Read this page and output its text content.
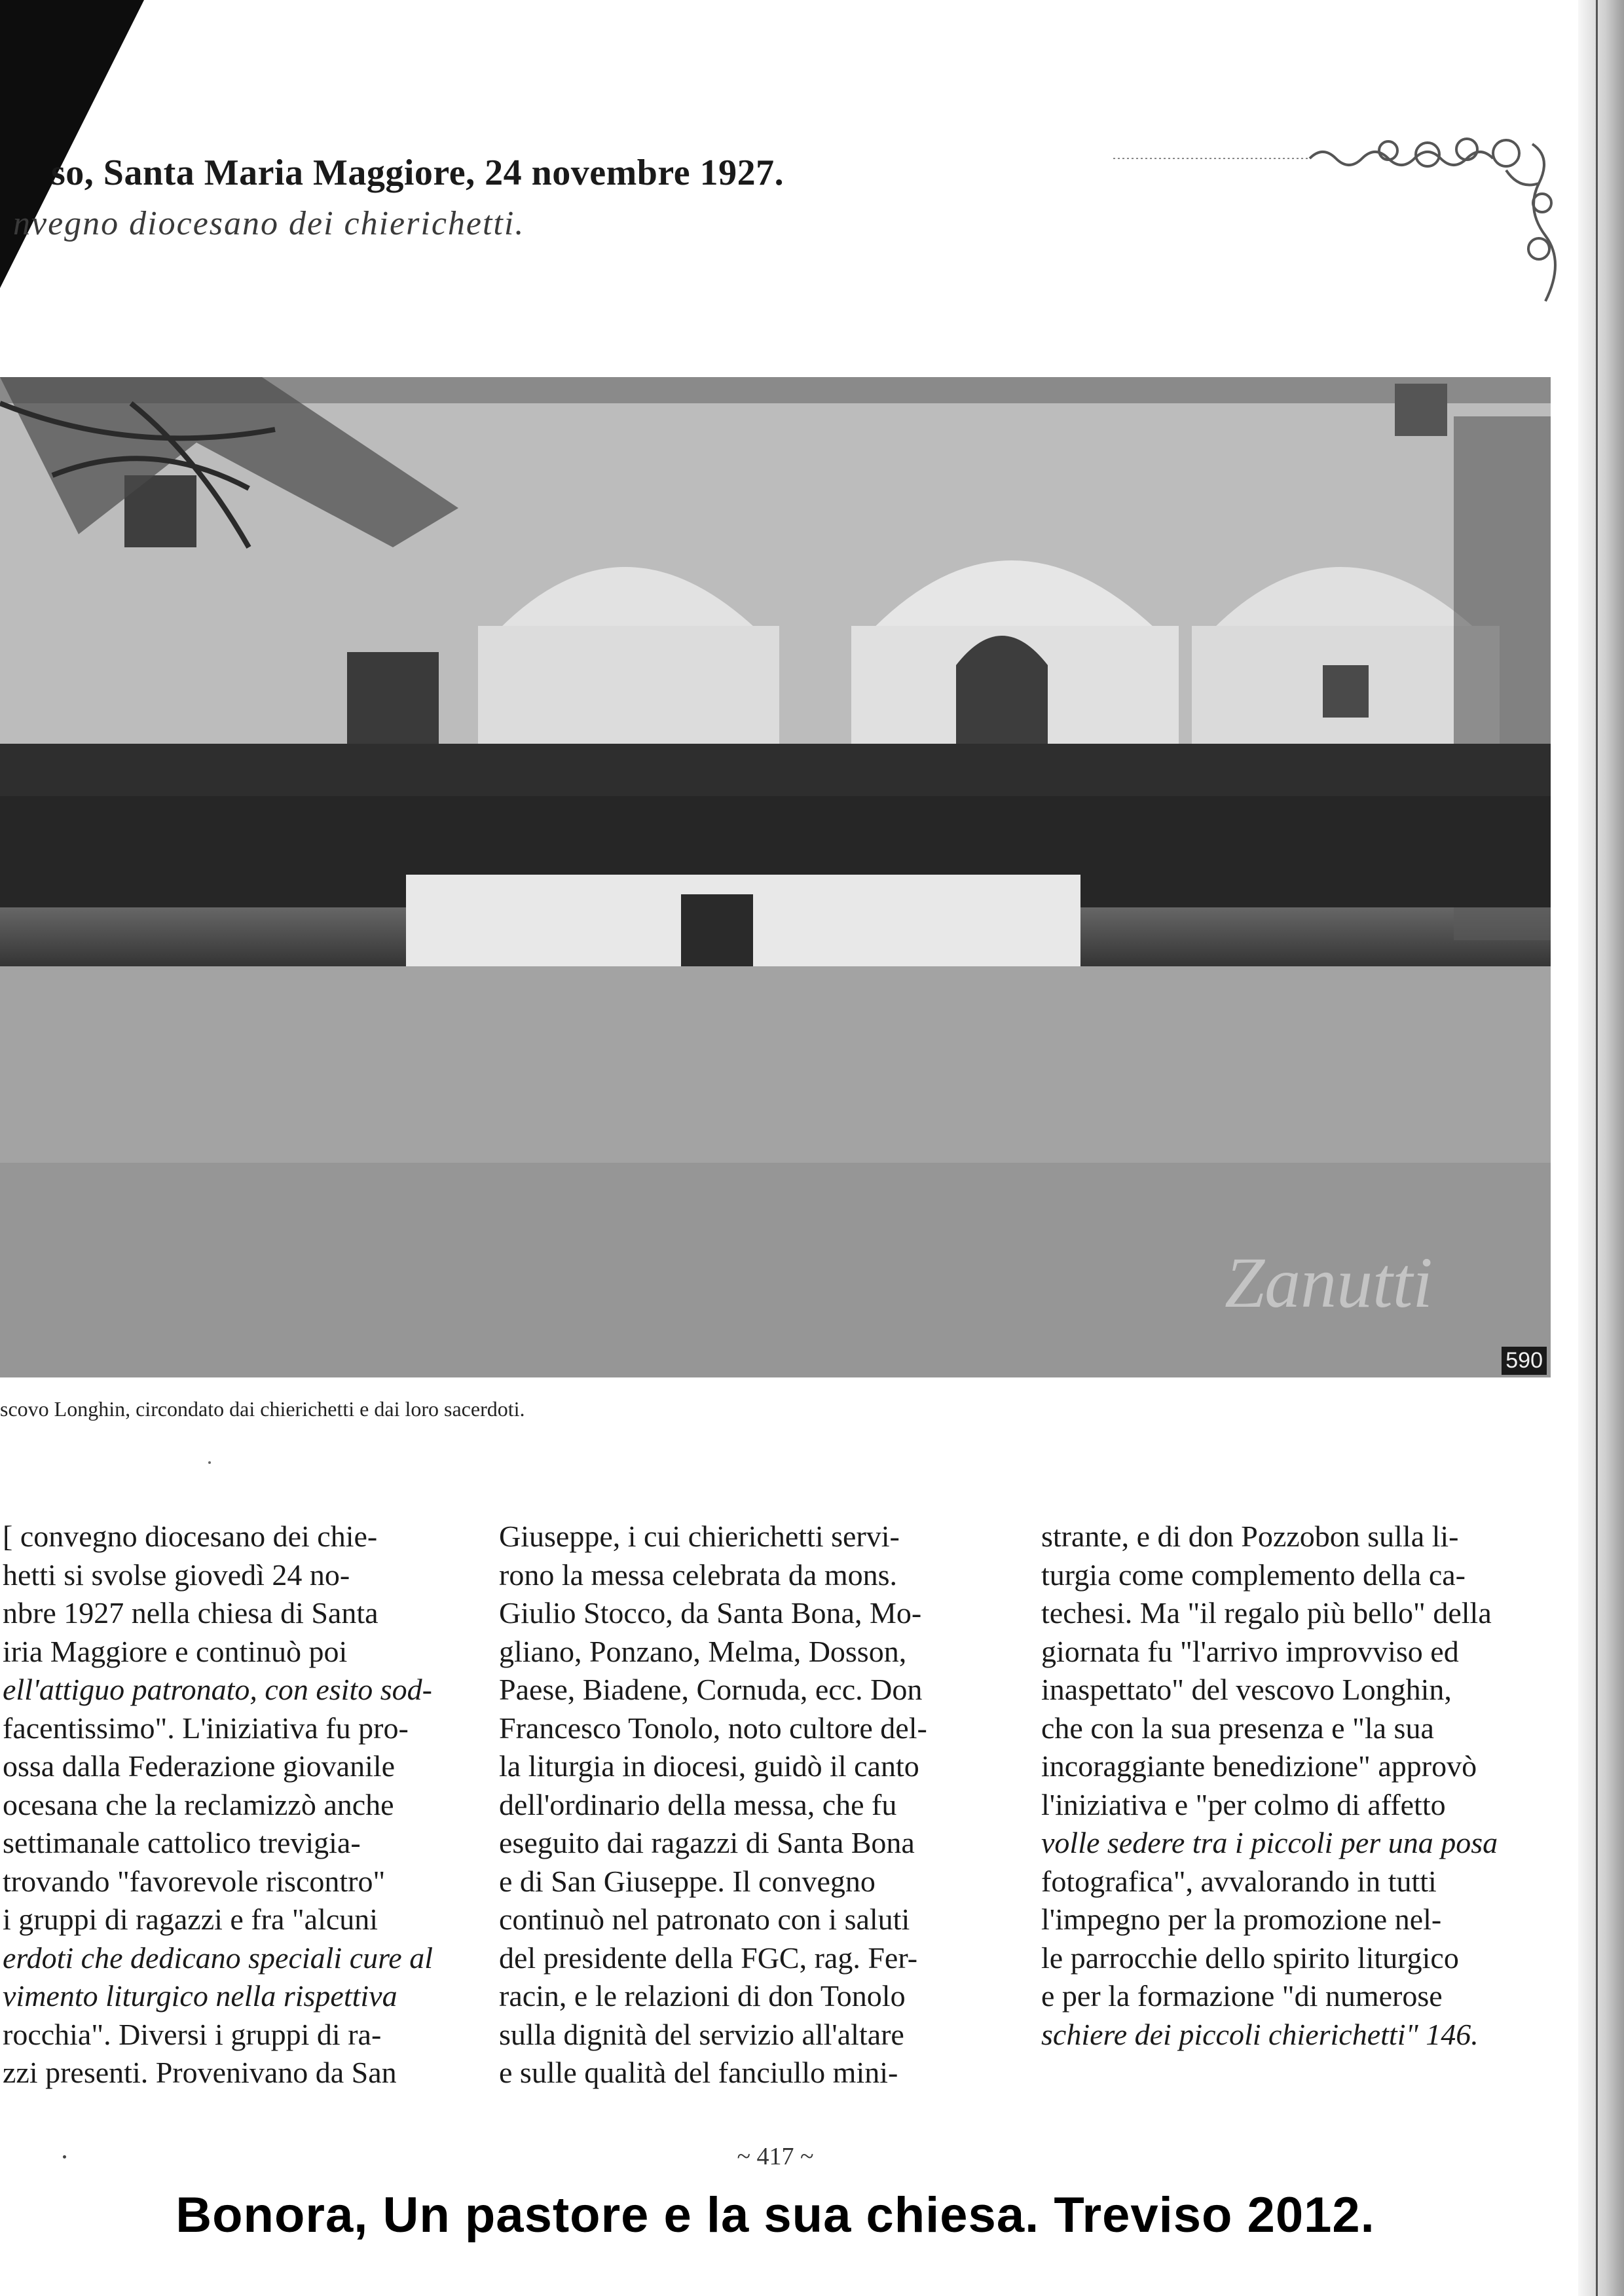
so, Santa Maria Maggiore, 24 novembre 1927.
nvegno diocesano dei chierichetti.
Zanutti
590
scovo Longhin, circondato dai chierichetti e dai loro sacerdoti.
[ convegno diocesano dei chie-
hetti si svolse giovedì 24 no-
nbre 1927 nella chiesa di Santa
iria Maggiore e continuò poi
ell'attiguo patronato, con esito sod-
facentissimo". L'iniziativa fu pro-
ossa dalla Federazione giovanile
ocesana che la reclamizzò anche
settimanale cattolico trevigia-
trovando "favorevole riscontro"
i gruppi di ragazzi e fra "alcuni
erdoti che dedicano speciali cure al
vimento liturgico nella rispettiva
rocchia". Diversi i gruppi di ra-
zzi presenti. Provenivano da San
Giuseppe, i cui chierichetti servi-
rono la messa celebrata da mons.
Giulio Stocco, da Santa Bona, Mo-
gliano, Ponzano, Melma, Dosson,
Paese, Biadene, Cornuda, ecc. Don
Francesco Tonolo, noto cultore del-
la liturgia in diocesi, guidò il canto
dell'ordinario della messa, che fu
eseguito dai ragazzi di Santa Bona
e di San Giuseppe. Il convegno
continuò nel patronato con i saluti
del presidente della FGC, rag. Fer-
racin, e le relazioni di don Tonolo
sulla dignità del servizio all'altare
e sulle qualità del fanciullo mini-
strante, e di don Pozzobon sulla li-
turgia come complemento della ca-
techesi. Ma "il regalo più bello" della
giornata fu "l'arrivo improvviso ed
inaspettato" del vescovo Longhin,
che con la sua presenza e "la sua
incoraggiante benedizione" approvò
l'iniziativa e "per colmo di affetto
volle sedere tra i piccoli per una posa
fotografica", avvalorando in tutti
l'impegno per la promozione nel-
le parrocchie dello spirito liturgico
e per la formazione "di numerose
schiere dei piccoli chierichetti" 146.
~ 417 ~
Bonora, Un pastore e la sua chiesa. Treviso 2012.
